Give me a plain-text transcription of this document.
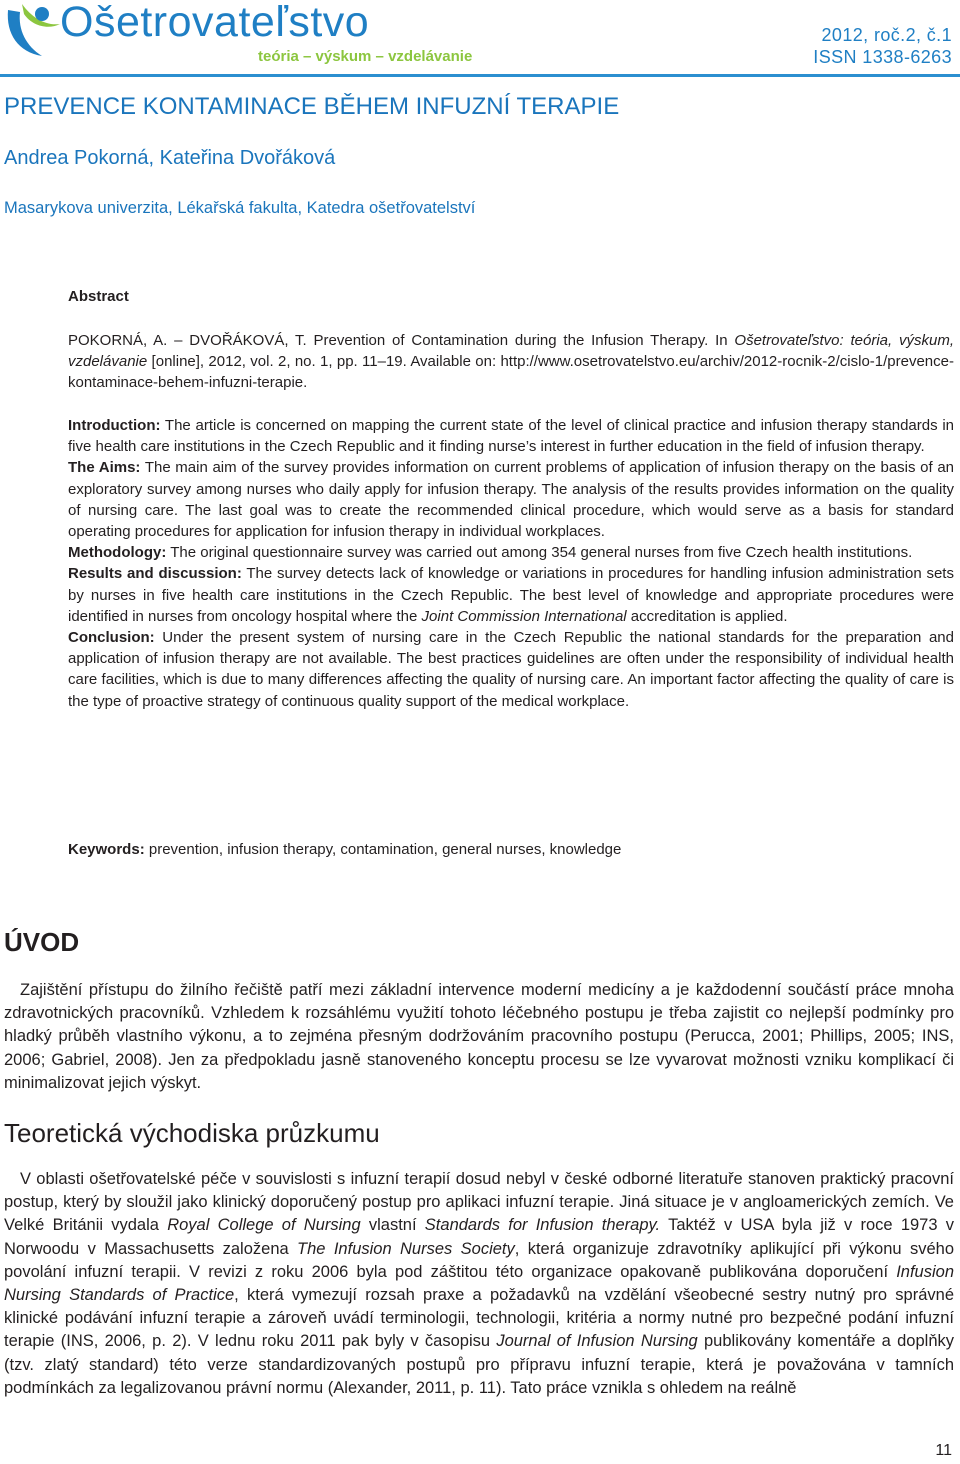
Ošetrovateľstvo
teória – výskum – vzdelávanie
2012, roč.2, č.1
ISSN 1338-6263
PREVENCE KONTAMINACE BĚHEM INFUZNÍ TERAPIE
Andrea Pokorná, Kateřina Dvořáková
Masarykova univerzita, Lékařská fakulta, Katedra ošetřovatelství
Abstract
POKORNÁ, A. – DVOŘÁKOVÁ, T. Prevention of Contamination during the Infusion Therapy. In Ošetrovateľstvo: teória, výskum, vzdelávanie [online], 2012, vol. 2, no. 1, pp. 11–19. Available on: http://www.osetrovatelstvo.eu/archiv/2012-rocnik-2/cislo-1/prevence-kontaminace-behem-infuzni-terapie.

Introduction: The article is concerned on mapping the current state of the level of clinical practice and infusion therapy standards in five health care institutions in the Czech Republic and it finding nurse’s interest in further education in the field of infusion therapy.

The Aims: The main aim of the survey provides information on current problems of application of infusion therapy on the basis of an exploratory survey among nurses who daily apply for infusion therapy. The analysis of the results provides information on the quality of nursing care. The last goal was to create the recommended clinical procedure, which would serve as a basis for standard operating procedures for application for infusion therapy in individual workplaces.

Methodology: The original questionnaire survey was carried out among 354 general nurses from five Czech health institutions.

Results and discussion: The survey detects lack of knowledge or variations in procedures for handling infusion administration sets by nurses in five health care institutions in the Czech Republic. The best level of knowledge and appropriate procedures were identified in nurses from oncology hospital where the Joint Commission International accreditation is applied.

Conclusion: Under the present system of nursing care in the Czech Republic the national standards for the preparation and application of infusion therapy are not available. The best practices guidelines are often under the responsibility of individual health care facilities, which is due to many differences affecting the quality of nursing care. An important factor affecting the quality of care is the type of proactive strategy of continuous quality support of the medical workplace.

Keywords: prevention, infusion therapy, contamination, general nurses, knowledge
ÚVOD
Zajištění přístupu do žilního řečiště patří mezi základní intervence moderní medicíny a je každodenní součástí práce mnoha zdravotnických pracovníků. Vzhledem k rozsáhlému využití tohoto léčebného postupu je třeba zajistit co nejlepší podmínky pro hladký průběh vlastního výkonu, a to zejména přesným dodržováním pracovního postupu (Perucca, 2001; Phillips, 2005; INS, 2006; Gabriel, 2008). Jen za předpokladu jasně stanoveného konceptu procesu se lze vyvarovat možnosti vzniku komplikací či minimalizovat jejich výskyt.
Teoretická východiska průzkumu
V oblasti ošetřovatelské péče v souvislosti s infuzní terapií dosud nebyl v české odborné literatuře stanoven praktický pracovní postup, který by sloužil jako klinický doporučený postup pro aplikaci infuzní terapie. Jiná situace je v angloamerických zemích. Ve Velké Británii vydala Royal College of Nursing vlastní Standards for Infusion therapy. Taktéž v USA byla již v roce 1973 v Norwoodu v Massachusetts založena The Infusion Nurses Society, která organizuje zdravotníky aplikující při výkonu svého povolání infuzní terapii. V revizi z roku 2006 byla pod záštitou této organizace opakovaně publikována doporučení Infusion Nursing Standards of Practice, která vymezují rozsah praxe a požadavků na vzdělání všeobecné sestry nutný pro správné klinické podávání infuzní terapie a zároveň uvádí terminologii, technologii, kritéria a normy nutné pro bezpečné podání infuzní terapie (INS, 2006, p. 2). V lednu roku 2011 pak byly v časopisu Journal of Infusion Nursing publikovány komentáře a doplňky (tzv. zlatý standard) této verze standardizovaných postupů pro přípravu infuzní terapie, která je považována v tamních podmínkách za legalizovanou právní normu (Alexander, 2011, p. 11). Tato práce vznikla s ohledem na reálně
11
